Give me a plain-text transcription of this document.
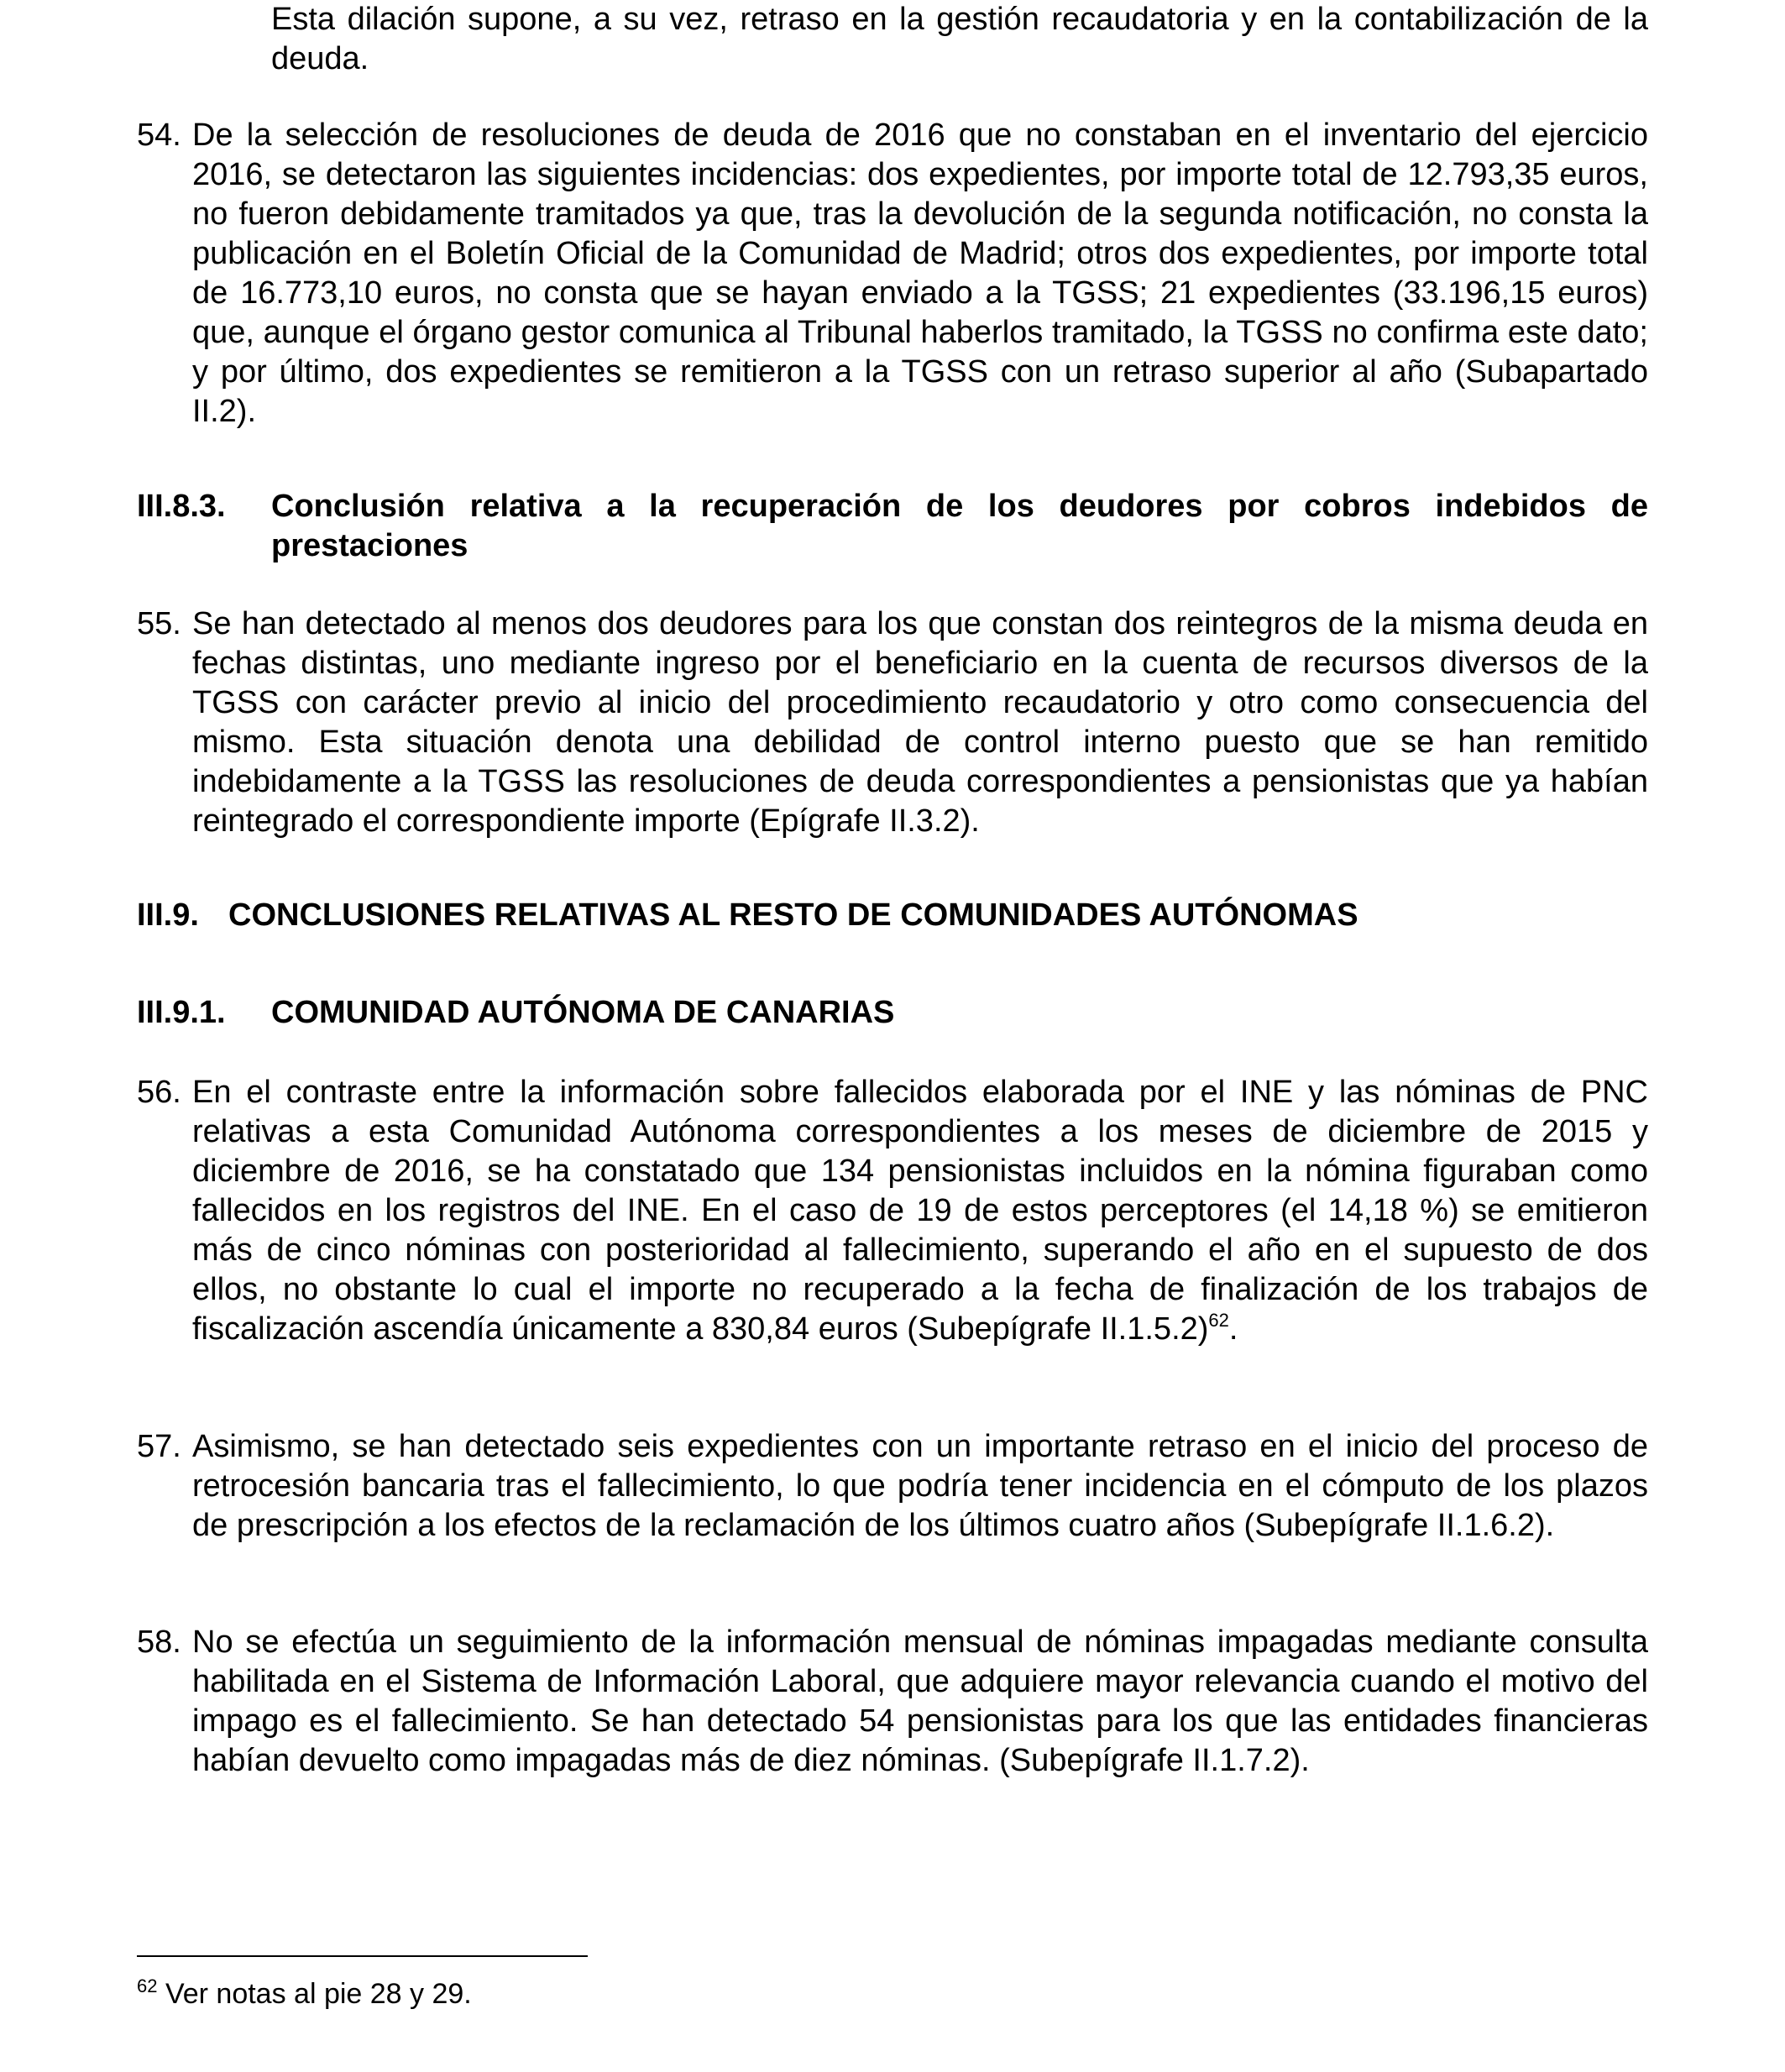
Esta dilación supone, a su vez, retraso en la gestión recaudatoria y en la contabilización de la deuda.
54. De la selección de resoluciones de deuda de 2016 que no constaban en el inventario del ejercicio 2016, se detectaron las siguientes incidencias: dos expedientes, por importe total de 12.793,35 euros, no fueron debidamente tramitados ya que, tras la devolución de la segunda notificación, no consta la publicación en el Boletín Oficial de la Comunidad de Madrid; otros dos expedientes, por importe total de 16.773,10 euros, no consta que se hayan enviado a la TGSS; 21 expedientes (33.196,15 euros) que, aunque el órgano gestor comunica al Tribunal haberlos tramitado, la TGSS no confirma este dato; y por último, dos expedientes se remitieron a la TGSS con un retraso superior al año (Subapartado II.2).
III.8.3. Conclusión relativa a la recuperación de los deudores por cobros indebidos de prestaciones
55. Se han detectado al menos dos deudores para los que constan dos reintegros de la misma deuda en fechas distintas, uno mediante ingreso por el beneficiario en la cuenta de recursos diversos de la TGSS con carácter previo al inicio del procedimiento recaudatorio y otro como consecuencia del mismo. Esta situación denota una debilidad de control interno puesto que se han remitido indebidamente a la TGSS las resoluciones de deuda correspondientes a pensionistas que ya habían reintegrado el correspondiente importe (Epígrafe II.3.2).
III.9. CONCLUSIONES RELATIVAS AL RESTO DE COMUNIDADES AUTÓNOMAS
III.9.1. COMUNIDAD AUTÓNOMA DE CANARIAS
56. En el contraste entre la información sobre fallecidos elaborada por el INE y las nóminas de PNC relativas a esta Comunidad Autónoma correspondientes a los meses de diciembre de 2015 y diciembre de 2016, se ha constatado que 134 pensionistas incluidos en la nómina figuraban como fallecidos en los registros del INE. En el caso de 19 de estos perceptores (el 14,18 %) se emitieron más de cinco nóminas con posterioridad al fallecimiento, superando el año en el supuesto de dos ellos, no obstante lo cual el importe no recuperado a la fecha de finalización de los trabajos de fiscalización ascendía únicamente a 830,84 euros (Subepígrafe II.1.5.2)$^{62}$.
57. Asimismo, se han detectado seis expedientes con un importante retraso en el inicio del proceso de retrocesión bancaria tras el fallecimiento, lo que podría tener incidencia en el cómputo de los plazos de prescripción a los efectos de la reclamación de los últimos cuatro años (Subepígrafe II.1.6.2).
58. No se efectúa un seguimiento de la información mensual de nóminas impagadas mediante consulta habilitada en el Sistema de Información Laboral, que adquiere mayor relevancia cuando el motivo del impago es el fallecimiento. Se han detectado 54 pensionistas para los que las entidades financieras habían devuelto como impagadas más de diez nóminas. (Subepígrafe II.1.7.2).
$^{62}$ Ver notas al pie 28 y 29.
